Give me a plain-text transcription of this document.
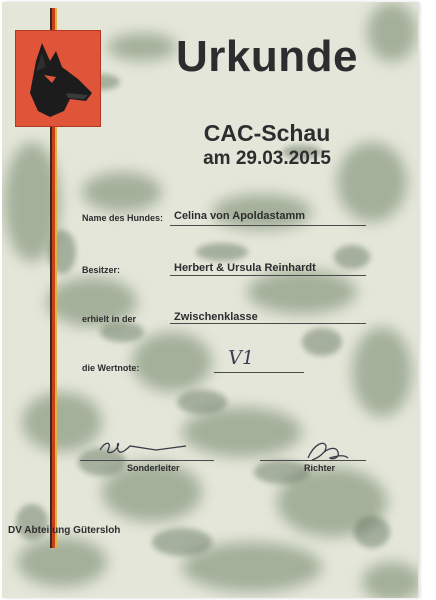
Urkunde
CAC-Schau
am 29.03.2015
Name des Hundes: Celina von Apoldastamm
Besitzer:	Herbert & Ursula Reinhardt
erhielt in der	Zwischenklasse
die Wertnote:	V1
Sonderleiter	Richter
DV Abteilung Gütersloh
